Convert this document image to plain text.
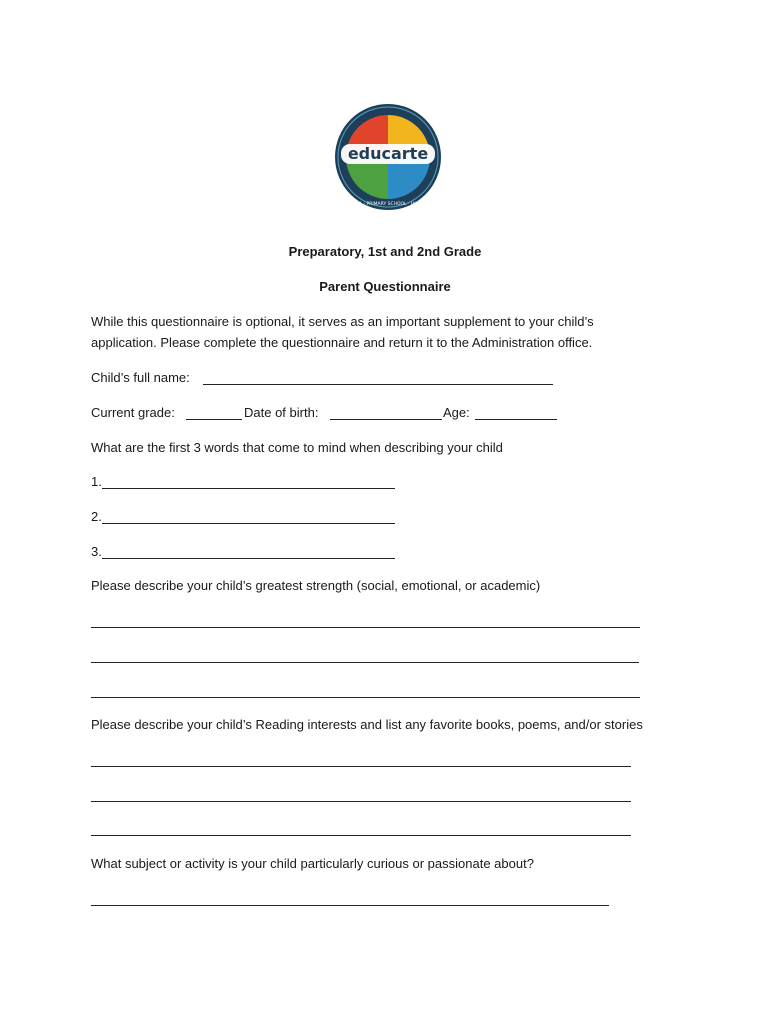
educarte
PRESCHOOL · PRIMARY SCHOOL · HIGHSCHOOL
Preparatory, 1st and 2nd Grade
Parent Questionnaire
While this questionnaire is optional, it serves as an important supplement to your child’s
application. Please complete the questionnaire and return it to the Administration office.
Child’s full name:
Current grade:	Date of birth:	Age:
What are the first 3 words that come to mind when describing your child
1.
2.
3.
Please describe your child’s greatest strength (social, emotional, or academic)
Please describe your child’s Reading interests and list any favorite books, poems, and/or stories
What subject or activity is your child particularly curious or passionate about?
